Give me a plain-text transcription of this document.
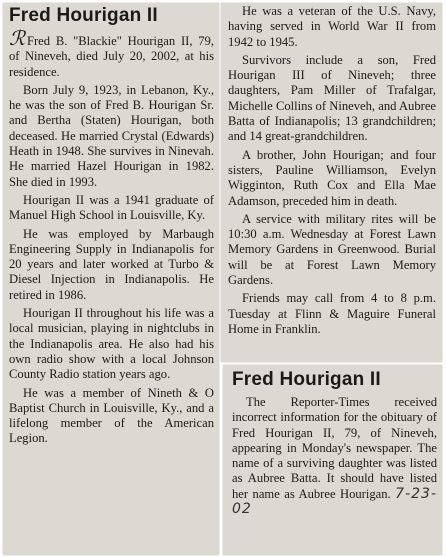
Fred Hourigan II

ℛ Fred B. "Blackie" Hourigan II, 79, of Nineveh, died July 20, 2002, at his residence.

Born July 9, 1923, in Lebanon, Ky., he was the son of Fred B. Hourigan Sr. and Bertha (Staten) Hourigan, both deceased. He married Crystal (Edwards) Heath in 1948. She survives in Ninevah. He married Hazel Hourigan in 1982. She died in 1993.

Hourigan II was a 1941 graduate of Manuel High School in Louisville, Ky.

He was employed by Marbaugh Engineering Supply in Indianapolis for 20 years and later worked at Turbo & Diesel Injection in Indianapolis. He retired in 1986.

Hourigan II throughout his life was a local musician, playing in nightclubs in the Indianapolis area. He also had his own radio show with a local Johnson County Radio station years ago.

He was a member of Nineth & O Baptist Church in Louisville, Ky., and a lifelong member of the American Legion.

He was a veteran of the U.S. Navy, having served in World War II from 1942 to 1945.

Survivors include a son, Fred Hourigan III of Nineveh; three daughters, Pam Miller of Trafalgar, Michelle Collins of Nineveh, and Aubree Batta of Indianapolis; 13 grandchildren; and 14 great-grandchildren.

A brother, John Hourigan; and four sisters, Pauline Williamson, Evelyn Wigginton, Ruth Cox and Ella Mae Adamson, preceded him in death.

A service with military rites will be 10:30 a.m. Wednesday at Forest Lawn Memory Gardens in Greenwood. Burial will be at Forest Lawn Memory Gardens.

Friends may call from 4 to 8 p.m. Tuesday at Flinn & Maguire Funeral Home in Franklin.

Fred Hourigan II

The Reporter-Times received incorrect information for the obituary of Fred Hourigan II, 79, of Nineveh, appearing in Monday's newspaper. The name of a surviving daughter was listed as Aubree Batta. It should have listed her name as Aubree Hourigan. 7-23-02
